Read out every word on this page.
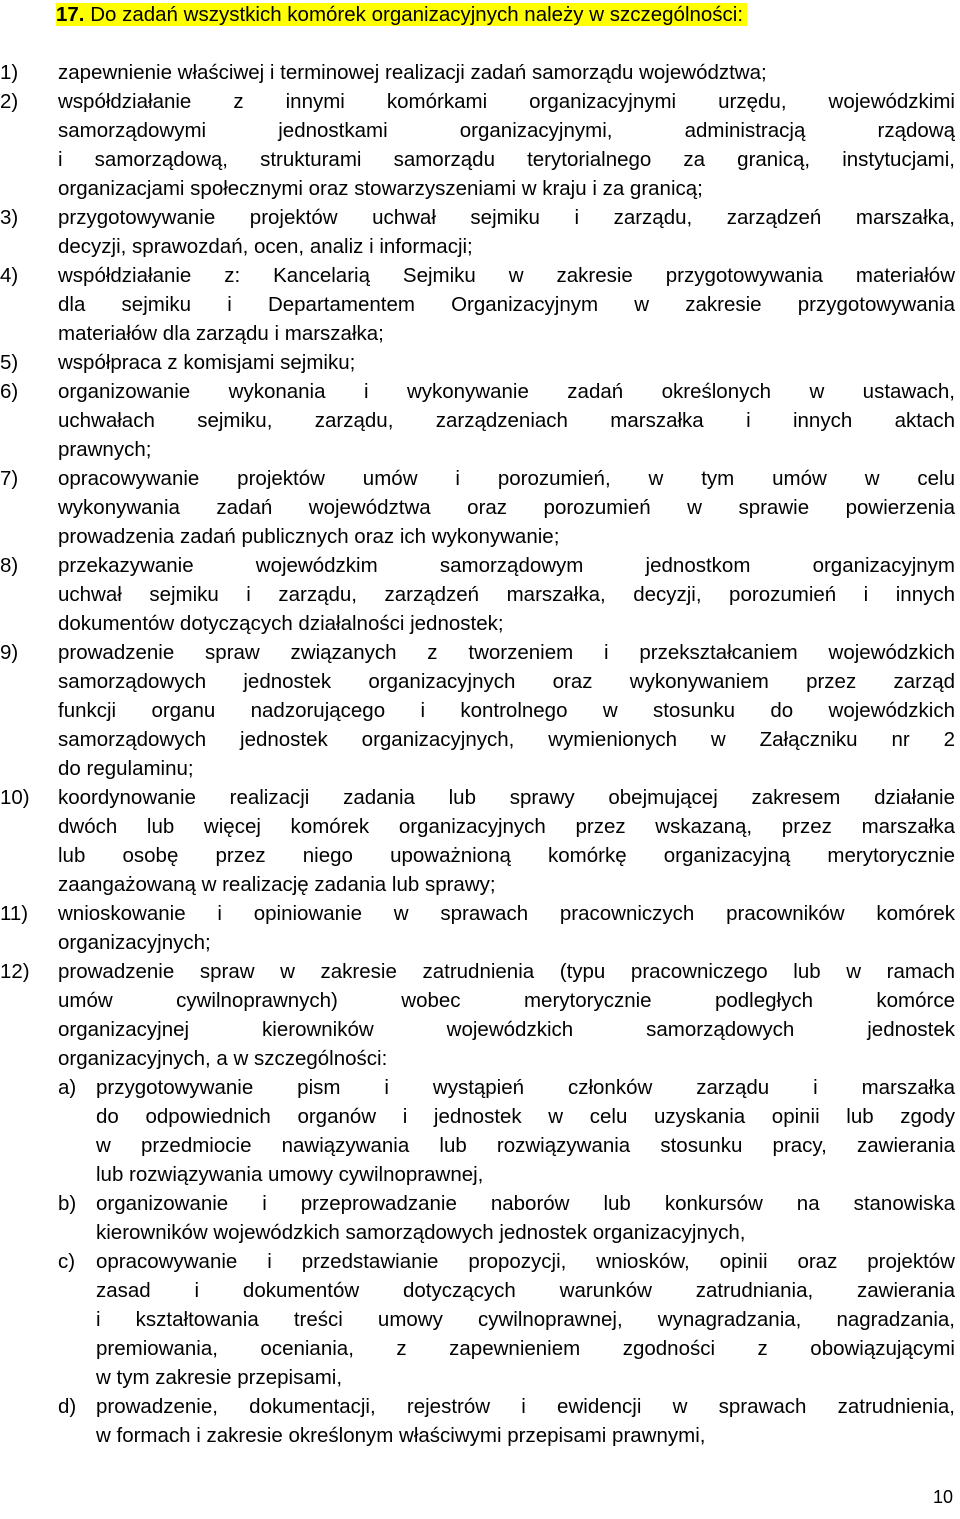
17. Do zadań wszystkich komórek organizacyjnych należy w szczególności:
1) zapewnienie właściwej i terminowej realizacji zadań samorządu województwa;
2) współdziałanie z innymi komórkami organizacyjnymi urzędu, wojewódzkimi
samorządowymi jednostkami organizacyjnymi, administracją rządową
i samorządową, strukturami samorządu terytorialnego za granicą, instytucjami,
organizacjami społecznymi oraz stowarzyszeniami w kraju i za granicą;
3) przygotowywanie projektów uchwał sejmiku i zarządu, zarządzeń marszałka,
decyzji, sprawozdań, ocen, analiz i informacji;
4) współdziałanie z: Kancelarią Sejmiku w zakresie przygotowywania materiałów
dla sejmiku i Departamentem Organizacyjnym w zakresie przygotowywania
materiałów dla zarządu i marszałka;
5) współpraca z komisjami sejmiku;
6) organizowanie wykonania i wykonywanie zadań określonych w ustawach,
uchwałach sejmiku, zarządu, zarządzeniach marszałka i innych aktach
prawnych;
7) opracowywanie projektów umów i porozumień, w tym umów w celu
wykonywania zadań województwa oraz porozumień w sprawie powierzenia
prowadzenia zadań publicznych oraz ich wykonywanie;
8) przekazywanie wojewódzkim samorządowym jednostkom organizacyjnym
uchwał sejmiku i zarządu, zarządzeń marszałka, decyzji, porozumień i innych
dokumentów dotyczących działalności jednostek;
9) prowadzenie spraw związanych z tworzeniem i przekształcaniem wojewódzkich
samorządowych jednostek organizacyjnych oraz wykonywaniem przez zarząd
funkcji organu nadzorującego i kontrolnego w stosunku do wojewódzkich
samorządowych jednostek organizacyjnych, wymienionych w Załączniku nr 2
do regulaminu;
10) koordynowanie realizacji zadania lub sprawy obejmującej zakresem działanie
dwóch lub więcej komórek organizacyjnych przez wskazaną, przez marszałka
lub osobę przez niego upoważnioną komórkę organizacyjną merytorycznie
zaangażowaną w realizację zadania lub sprawy;
11) wnioskowanie i opiniowanie w sprawach pracowniczych pracowników komórek
organizacyjnych;
12) prowadzenie spraw w zakresie zatrudnienia (typu pracowniczego lub w ramach
umów cywilnoprawnych) wobec merytorycznie podległych komórce
organizacyjnej kierowników wojewódzkich samorządowych jednostek
organizacyjnych, a w szczególności:
a) przygotowywanie pism i wystąpień członków zarządu i marszałka
do odpowiednich organów i jednostek w celu uzyskania opinii lub zgody
w przedmiocie nawiązywania lub rozwiązywania stosunku pracy, zawierania
lub rozwiązywania umowy cywilnoprawnej,
b) organizowanie i przeprowadzanie naborów lub konkursów na stanowiska
kierowników wojewódzkich samorządowych jednostek organizacyjnych,
c) opracowywanie i przedstawianie propozycji, wniosków, opinii oraz projektów
zasad i dokumentów dotyczących warunków zatrudniania, zawierania
i kształtowania treści umowy cywilnoprawnej, wynagradzania, nagradzania,
premiowania, oceniania, z zapewnieniem zgodności z obowiązującymi
w tym zakresie przepisami,
d) prowadzenie, dokumentacji, rejestrów i ewidencji w sprawach zatrudnienia,
w formach i zakresie określonym właściwymi przepisami prawnymi,
10
